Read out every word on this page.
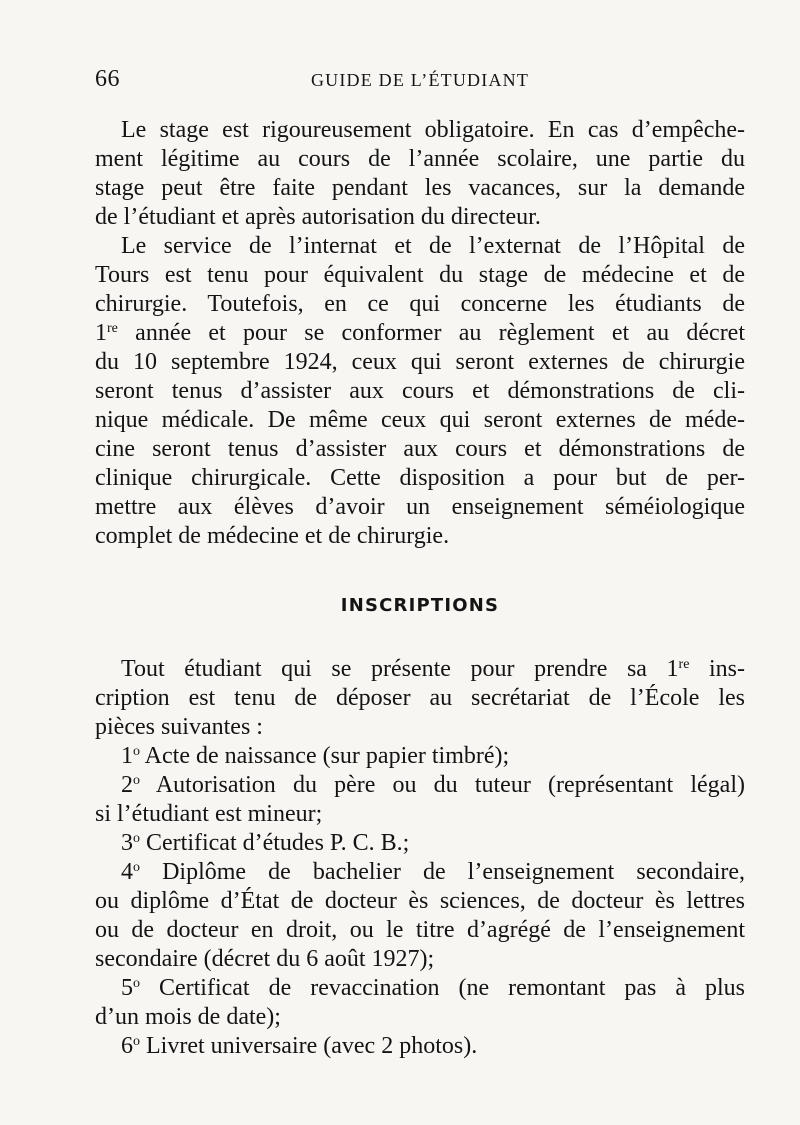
66	GUIDE DE L’ÉTUDIANT
Le stage est rigoureusement obligatoire. En cas d’empêche-
ment légitime au cours de l’année scolaire, une partie du
stage peut être faite pendant les vacances, sur la demande
de l’étudiant et après autorisation du directeur.
Le service de l’internat et de l’externat de l’Hôpital de
Tours est tenu pour équivalent du stage de médecine et de
chirurgie. Toutefois, en ce qui concerne les étudiants de
1re année et pour se conformer au règlement et au décret
du 10 septembre 1924, ceux qui seront externes de chirurgie
seront tenus d’assister aux cours et démonstrations de cli-
nique médicale. De même ceux qui seront externes de méde-
cine seront tenus d’assister aux cours et démonstrations de
clinique chirurgicale. Cette disposition a pour but de per-
mettre aux élèves d’avoir un enseignement séméiologique
complet de médecine et de chirurgie.
INSCRIPTIONS
Tout étudiant qui se présente pour prendre sa 1re ins-
cription est tenu de déposer au secrétariat de l’École les
pièces suivantes :
1$^o$ Acte de naissance (sur papier timbré);
2$^o$ Autorisation du père ou du tuteur (représentant légal)
si l’étudiant est mineur;
3$^o$ Certificat d’études P. C. B.;
4$^o$ Diplôme de bachelier de l’enseignement secondaire,
ou diplôme d’État de docteur ès sciences, de docteur ès lettres
ou de docteur en droit, ou le titre d’agrégé de l’enseignement
secondaire (décret du 6 août 1927);
5$^o$ Certificat de revaccination (ne remontant pas à plus
d’un mois de date);
6$^o$ Livret universaire (avec 2 photos).
